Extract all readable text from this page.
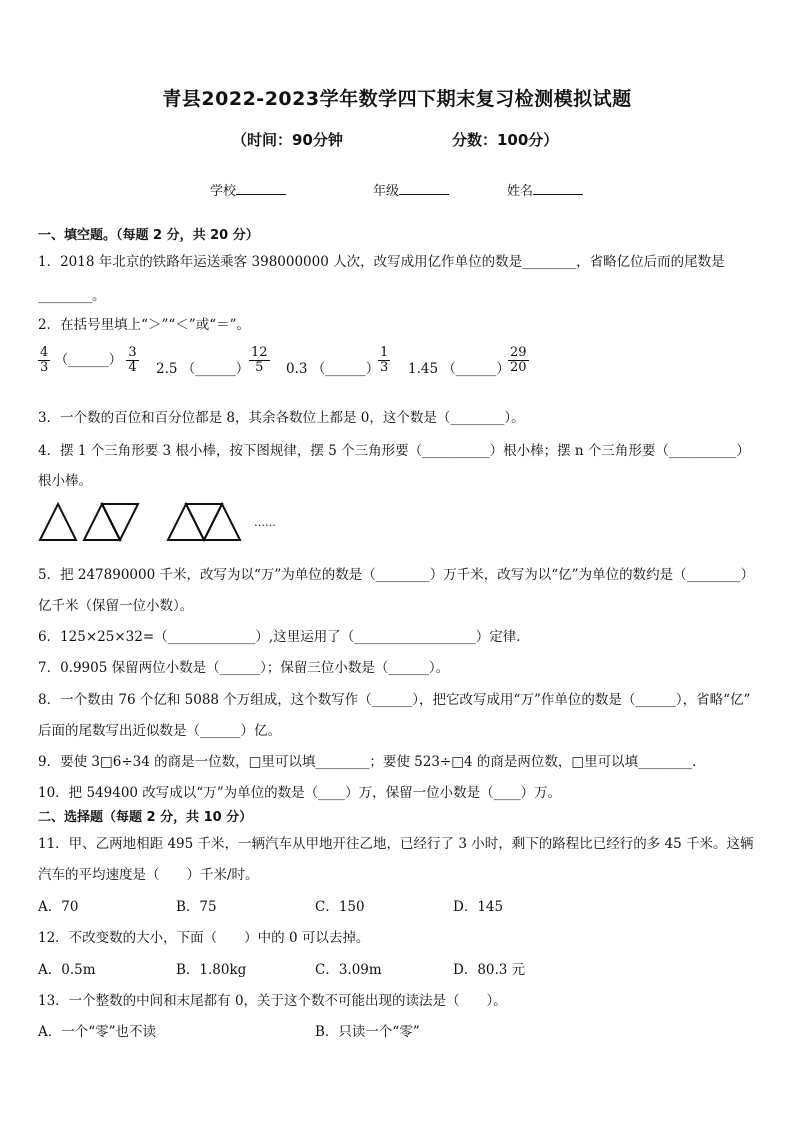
青县2022-2023学年数学四下期末复习检测模拟试题
（时间：90分钟	分数：100分）
学校	年级	姓名
一、填空题。（每题 2 分，共 20 分）
1．2018 年北京的铁路年运送乘客 398000000 人次，改写成用亿作单位的数是________，省略亿位后而的尾数是
________。
2．在括号里填上“＞”“＜”或“＝”。
$\frac{4}{3}$ （______） $\frac{3}{4} 2.5$ （______） $\frac{12}{5} 0.3$ （______）
$\frac{1}{3} 1.45$ （______）
$\frac{29}{20}$
3．一个数的百位和百分位都是 8，其余各数位上都是 0，这个数是（________）。
4．摆 1 个三角形要 3 根小棒，按下图规律，摆 5 个三角形要（__________）根小棒；摆 n 个三角形要（__________）
根小棒。
……
5．把 247890000 千米，改写为以“万”为单位的数是（________）万千米，改写为以“亿”为单位的数约是（________）
亿千米（保留一位小数）。
6．125×25×32=（_____________）,这里运用了（__________________）定律．
7．0.9905 保留两位小数是（______）；保留三位小数是（______）。
8．一个数由 76 个亿和 5088 个万组成，这个数写作（______），把它改写成用“万”作单位的数是（______），省略“亿”
后面的尾数写出近似数是（______）亿。
9．要使 3□6÷34 的商是一位数，□里可以填________；要使 523÷□4 的商是两位数，□里可以填________．
10．把 549400 改写成以“万”为单位的数是（____）万，保留一位小数是（____）万。
二、选择题（每题 2 分，共 10 分）
11．甲、乙两地相距 495 千米，一辆汽车从甲地开往乙地，已经行了 3 小时，剩下的路程比已经行的多 45 千米。这辆
汽车的平均速度是（　　）千米/时。
A．70	B．75	C．150	D．145
12．不改变数的大小，下面（　　）中的 0 可以去掉。
A．0.5m	B．1.80kg	C．3.09m	D．80.3 元
13．一个整数的中间和末尾都有 0，关于这个数不可能出现的读法是（　　）。
A．一个“零”也不读	B．只读一个“零”
